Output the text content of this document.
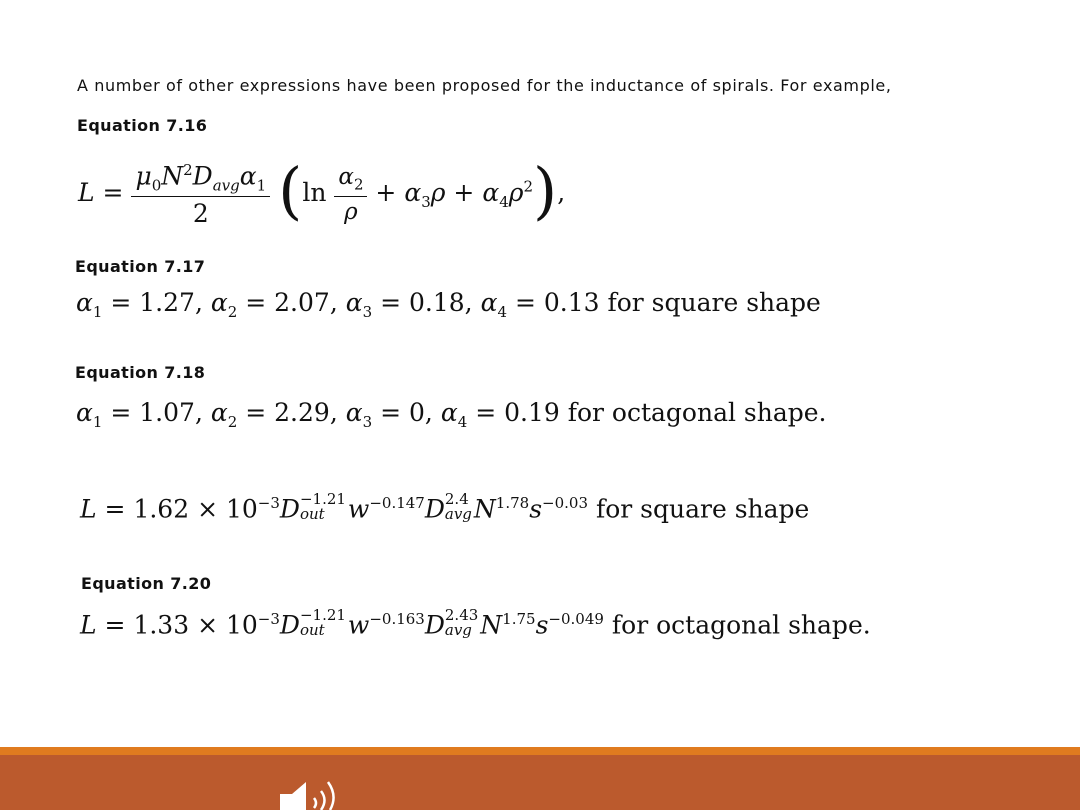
A number of other expressions have been proposed for the inductance of spirals. For example,
Equation 7.16
$L = \frac{\mu_0N^2D_{avg}\alpha_1}{2} (\ln \frac{\alpha_2}{\rho} + \alpha_3\rho + \alpha_4\rho^2)$,
Equation 7.17
$\alpha_1 = 1.27$, $\alpha_2 = 2.07$, $\alpha_3 = 0.18$, $\alpha_4 = 0.13$ for square shape
Equation 7.18
$\alpha_1 = 1.07$, $\alpha_2 = 2.29$, $\alpha_3 = 0$, $\alpha_4 = 0.19$ for octagonal shape.
$L = 1.62 \times 10^{-3}D -1.21$
out $w^{-0.147}D$ 2.4
avg $N^{1.78}s^{-0.03}$ for square shape
Equation 7.20
$L = 1.33 \times 10^{-3}D -1.21$
out $w^{-0.163}D$ 2.43
avg $N^{1.75}s^{-0.049}$ for octagonal shape.
